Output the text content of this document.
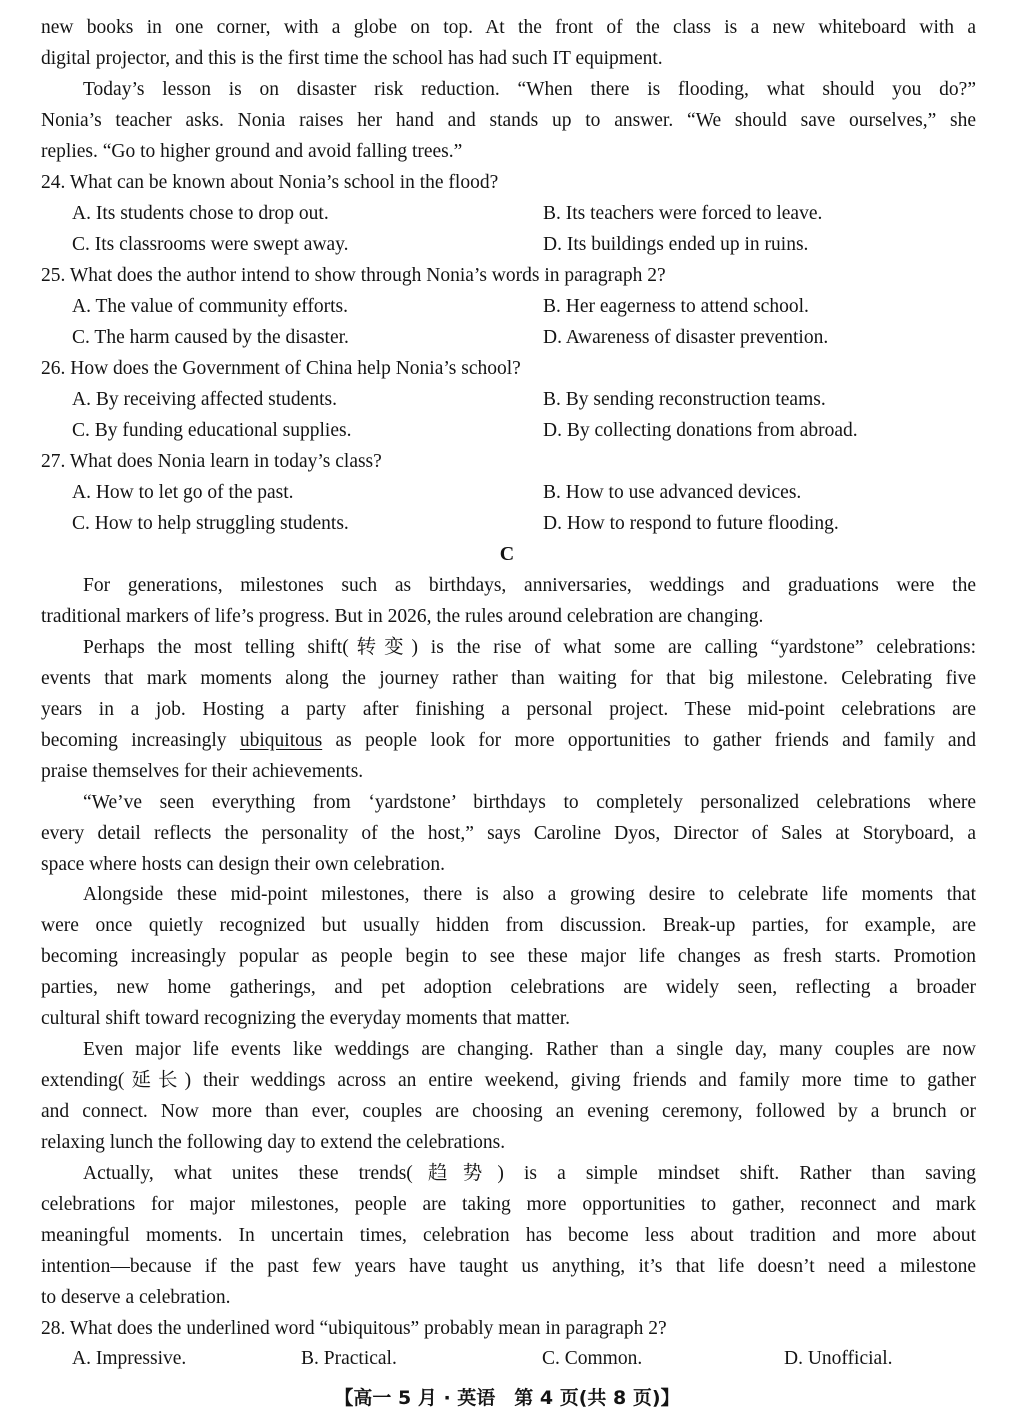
new books in one corner, with a globe on top. At the front of the class is a new whiteboard with a
digital projector, and this is the first time the school has had such IT equipment.
Today’s lesson is on disaster risk reduction. “When there is flooding, what should you do?”
Nonia’s teacher asks. Nonia raises her hand and stands up to answer. “We should save ourselves,” she
replies. “Go to higher ground and avoid falling trees.”
24. What can be known about Nonia’s school in the flood?
A. Its students chose to drop out.	B. Its teachers were forced to leave.
C. Its classrooms were swept away.	D. Its buildings ended up in ruins.
25. What does the author intend to show through Nonia’s words in paragraph 2?
A. The value of community efforts.	B. Her eagerness to attend school.
C. The harm caused by the disaster.	D. Awareness of disaster prevention.
26. How does the Government of China help Nonia’s school?
A. By receiving affected students.	B. By sending reconstruction teams.
C. By funding educational supplies.	D. By collecting donations from abroad.
27. What does Nonia learn in today’s class?
A. How to let go of the past.	B. How to use advanced devices.
C. How to help struggling students.	D. How to respond to future flooding.
C
For generations, milestones such as birthdays, anniversaries, weddings and graduations were the
traditional markers of life’s progress. But in 2026, the rules around celebration are changing.
Perhaps the most telling shift(转变) is the rise of what some are calling “yardstone” celebrations:
events that mark moments along the journey rather than waiting for that big milestone. Celebrating five
years in a job. Hosting a party after finishing a personal project. These mid-point celebrations are
becoming increasingly ubiquitous as people look for more opportunities to gather friends and family and
praise themselves for their achievements.
“We’ve seen everything from ‘yardstone’ birthdays to completely personalized celebrations where
every detail reflects the personality of the host,” says Caroline Dyos, Director of Sales at Storyboard, a
space where hosts can design their own celebration.
Alongside these mid-point milestones, there is also a growing desire to celebrate life moments that
were once quietly recognized but usually hidden from discussion. Break-up parties, for example, are
becoming increasingly popular as people begin to see these major life changes as fresh starts. Promotion
parties, new home gatherings, and pet adoption celebrations are widely seen, reflecting a broader
cultural shift toward recognizing the everyday moments that matter.
Even major life events like weddings are changing. Rather than a single day, many couples are now
extending(延长) their weddings across an entire weekend, giving friends and family more time to gather
and connect. Now more than ever, couples are choosing an evening ceremony, followed by a brunch or
relaxing lunch the following day to extend the celebrations.
Actually, what unites these trends(趋势) is a simple mindset shift. Rather than saving
celebrations for major milestones, people are taking more opportunities to gather, reconnect and mark
meaningful moments. In uncertain times, celebration has become less about tradition and more about
intention—because if the past few years have taught us anything, it’s that life doesn’t need a milestone
to deserve a celebration.
28. What does the underlined word “ubiquitous” probably mean in paragraph 2?
A. Impressive.	B. Practical.	C. Common.	D. Unofficial.
【高一 5 月 · 英语　第 4 页(共 8 页)】
